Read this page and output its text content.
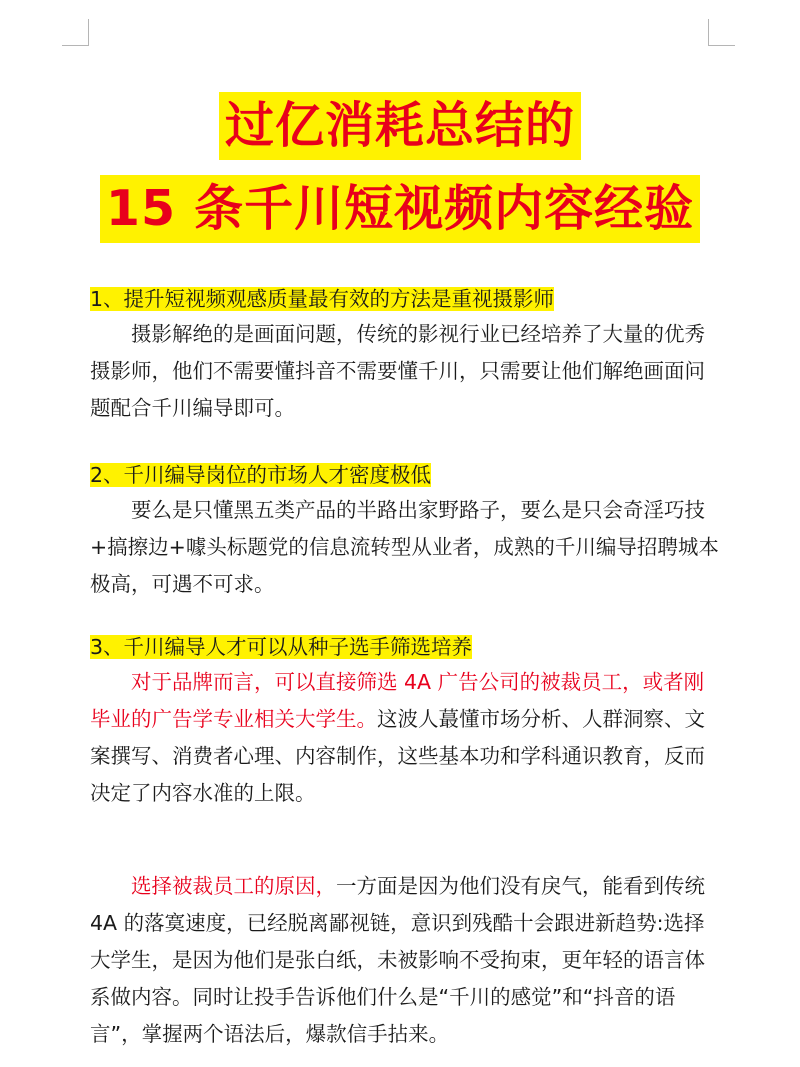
过亿消耗总结的
15 条千川短视频内容经验

1、提升短视频观感质量最有效的方法是重视摄影师

摄影解绝的是画面问题，传统的影视行业已经培养了大量的优秀摄影师，他们不需要懂抖音不需要懂千川，只需要让他们解绝画面问题配合千川编导即可。

2、千川编导岗位的市场人才密度极低

要么是只懂黑五类产品的半路出家野路子，要么是只会奇淫巧技+搞擦边+噱头标题党的信息流转型从业者，成熟的千川编导招聘城本极高，可遇不可求。

3、千川编导人才可以从种子选手筛选培养

对于品牌而言，可以直接筛选 4A 广告公司的被裁员工，或者刚毕业的广告学专业相关大学生。这波人蕞懂市场分析、人群洞察、文案撰写、消费者心理、内容制作，这些基本功和学科通识教育，反而决定了内容水准的上限。

选择被裁员工的原因，一方面是因为他们没有戾气，能看到传统4A 的落寞速度，已经脱离鄙视链，意识到残酷十会跟进新趋势:选择大学生，是因为他们是张白纸，未被影响不受拘束，更年轻的语言体系做内容。同时让投手告诉他们什么是“千川的感觉”和“抖音的语言”，掌握两个语法后，爆款信手拈来。
